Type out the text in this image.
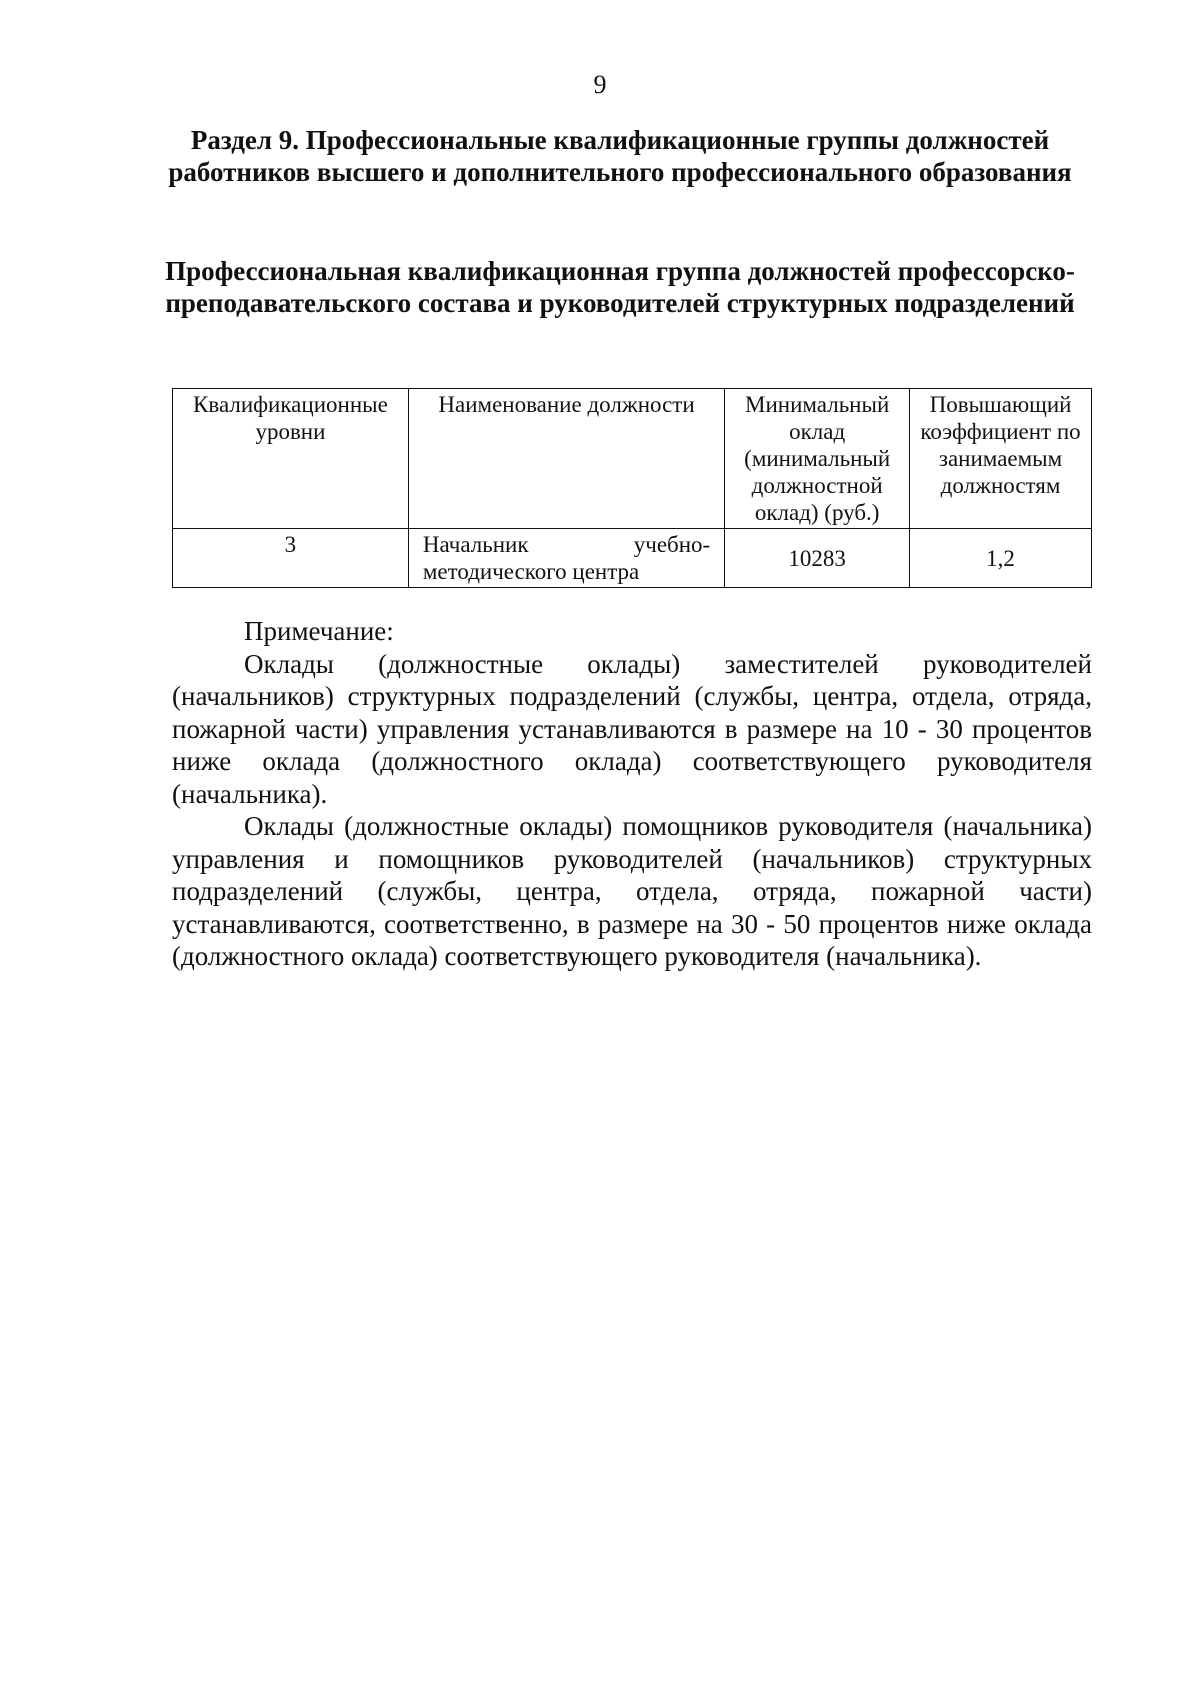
9
Раздел 9. Профессиональные квалификационные группы должностей работников высшего и дополнительного профессионального образования
Профессиональная квалификационная группа должностей профессорско-преподавательского состава и руководителей структурных подразделений
Квалификационные уровни	Наименование должности	Минимальный оклад (минимальный должностной оклад) (руб.)	Повышающий коэффициент по занимаемым должностям
3	Начальник учебно-методического центра	10283	1,2

Примечание:

Оклады (должностные оклады) заместителей руководителей (начальников) структурных подразделений (службы, центра, отдела, отряда, пожарной части) управления устанавливаются в размере на 10 - 30 процентов ниже оклада (должностного оклада) соответствующего руководителя (начальника).

Оклады (должностные оклады) помощников руководителя (начальника) управления и помощников руководителей (начальников) структурных подразделений (службы, центра, отдела, отряда, пожарной части) устанавливаются, соответственно, в размере на 30 - 50 процентов ниже оклада (должностного оклада) соответствующего руководителя (начальника).
